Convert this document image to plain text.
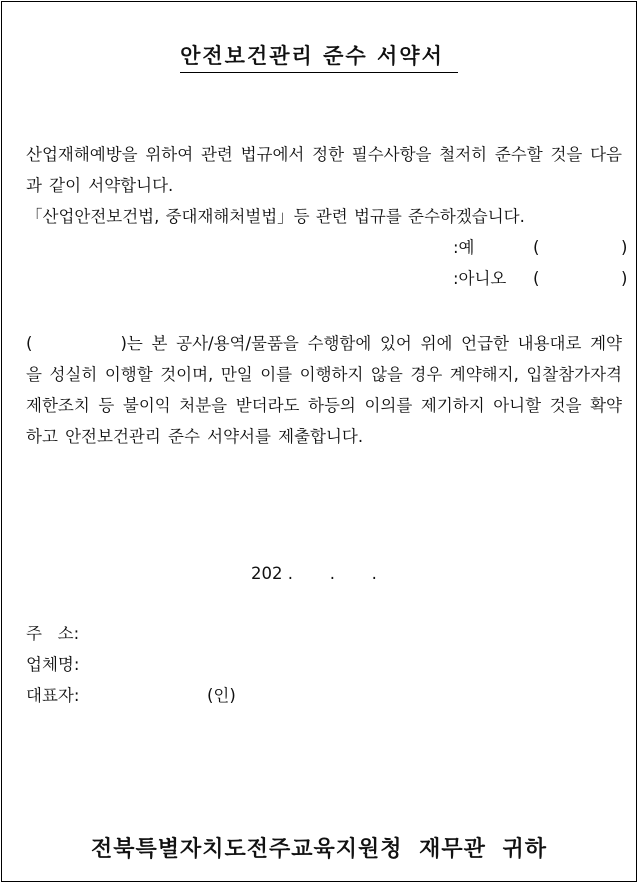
안전보건관리 준수 서약서
산업재해예방을 위하여 관련 법규에서 정한 필수사항을 철저히 준수할 것을 다음과 같이 서약합니다.
「산업안전보건법, 중대재해처벌법」등 관련 법규를 준수하겠습니다.
:예	(	)
:아니오 (	)
(	)는 본 공사/용역/물품을 수행함에 있어 위에 언급한 내용대로 계약을 성실히 이행할 것이며, 만일 이를 이행하지 않을 경우 계약해지, 입찰참가자격 제한조치 등 불이익 처분을 받더라도 하등의 이의를 제기하지 아니할 것을 확약하고 안전보건관리 준수 서약서를 제출합니다.
202 .       .       .
주   소:
업체명:
대표자:	(인)
전북특별자치도전주교육지원청 재무관 귀하
